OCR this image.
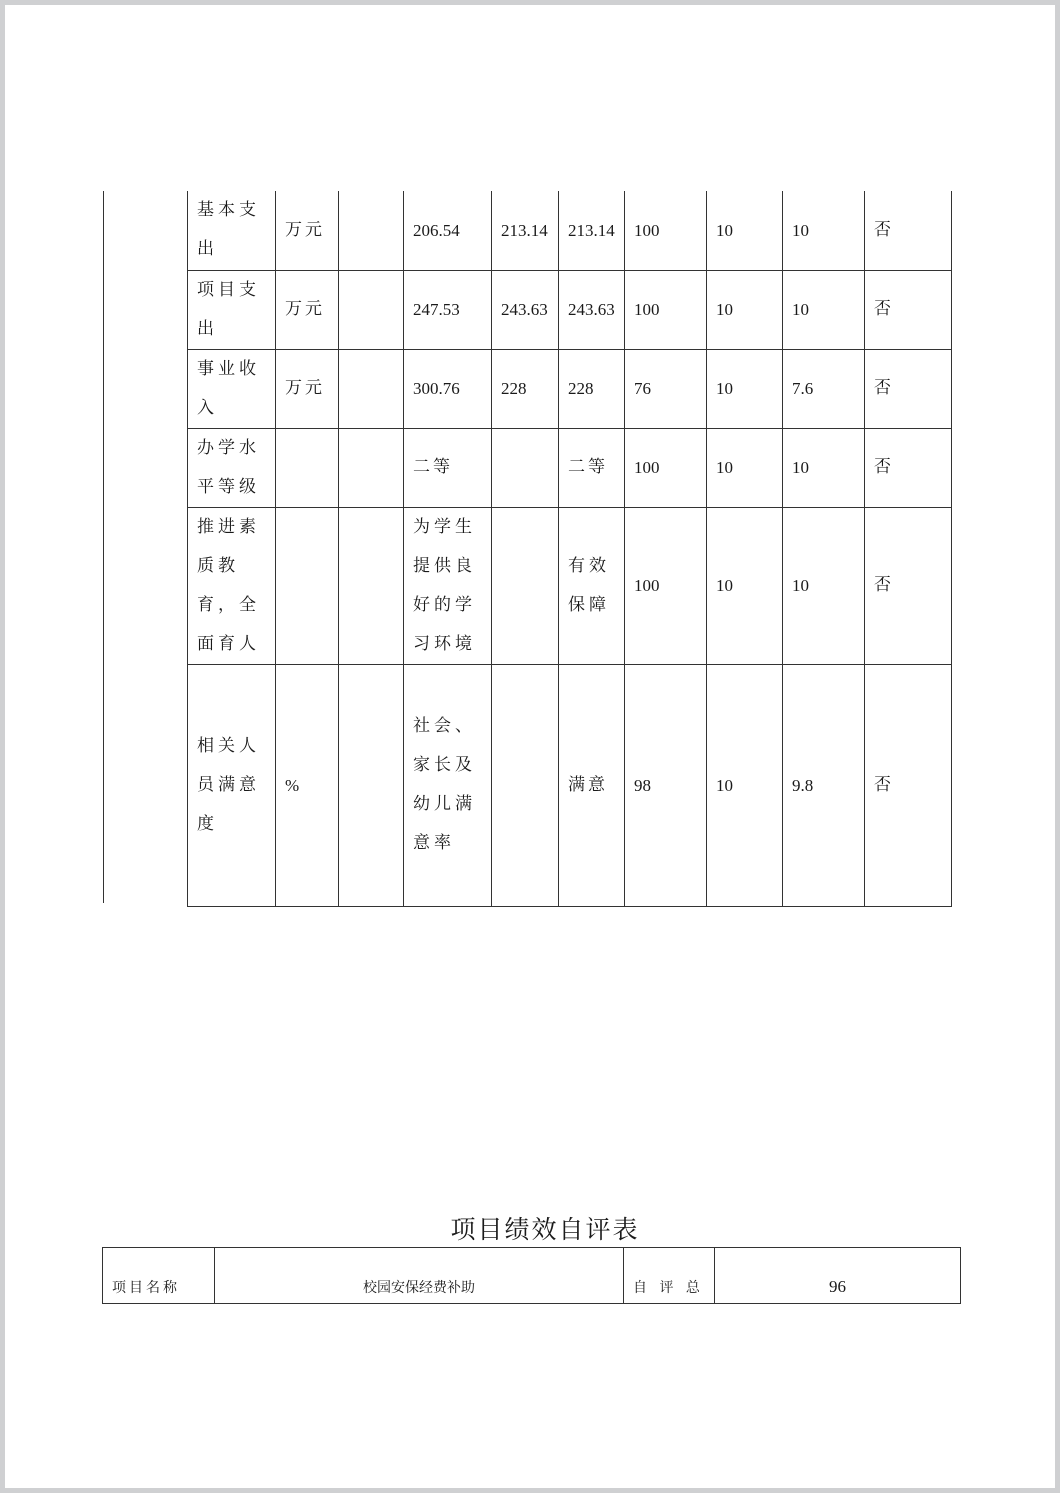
基本支出	万元		206.54	213.14	213.14	100	10	10	否
项目支出	万元		247.53	243.63	243.63	100	10	10	否
事业收入	万元		300.76	228	228	76	10	7.6	否
办学水平等级			二等		二等	100	10	10	否
推进素质教育，全面育人			为学生提供良好的学习环境		有效保障	100	10	10	否
相关人员满意度	%		社会、家长及幼儿满意率		满意	98	10	9.8	否
项目绩效自评表
项目名称	校园安保经费补助	自 评 总	96
